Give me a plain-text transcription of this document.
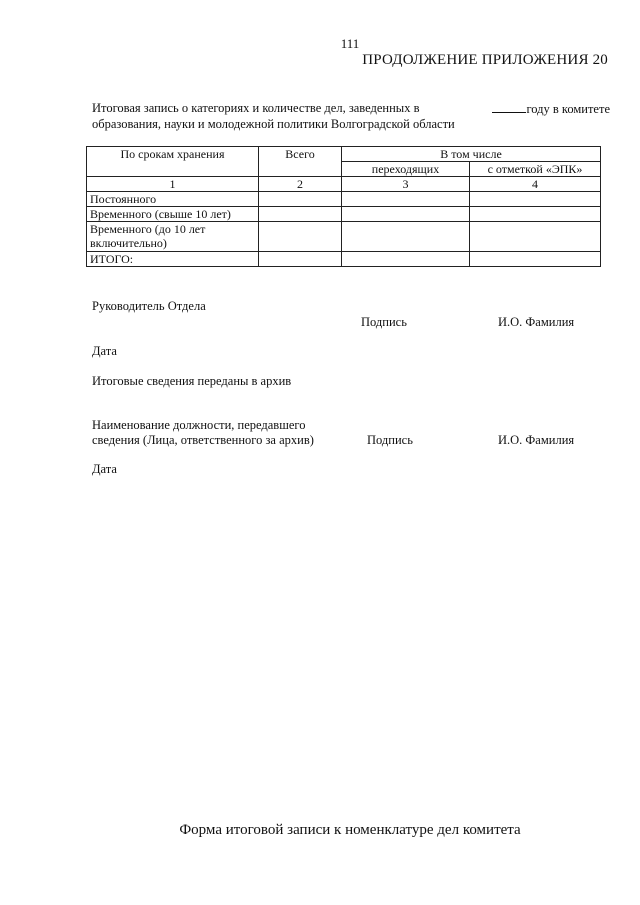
111
ПРОДОЛЖЕНИЕ ПРИЛОЖЕНИЯ 20
Итоговая запись о категориях и количестве дел, заведенных в	году в комитете
образования, науки и молодежной политики Волгоградской области
По срокам хранения	Всего	В том числе	
		переходящих	с отметкой «ЭПК»
1	2	3	4
Постоянного			
Временного (свыше 10 лет)			
Временного (до 10 лет включительно)			
ИТОГО:			
Руководитель Отдела
Подпись	И.О. Фамилия
Дата
Итоговые сведения переданы в архив
Наименование должности, передавшего
сведения (Лица, ответственного за архив)	Подпись	И.О. Фамилия
Дата
Форма итоговой записи к номенклатуре дел комитета
